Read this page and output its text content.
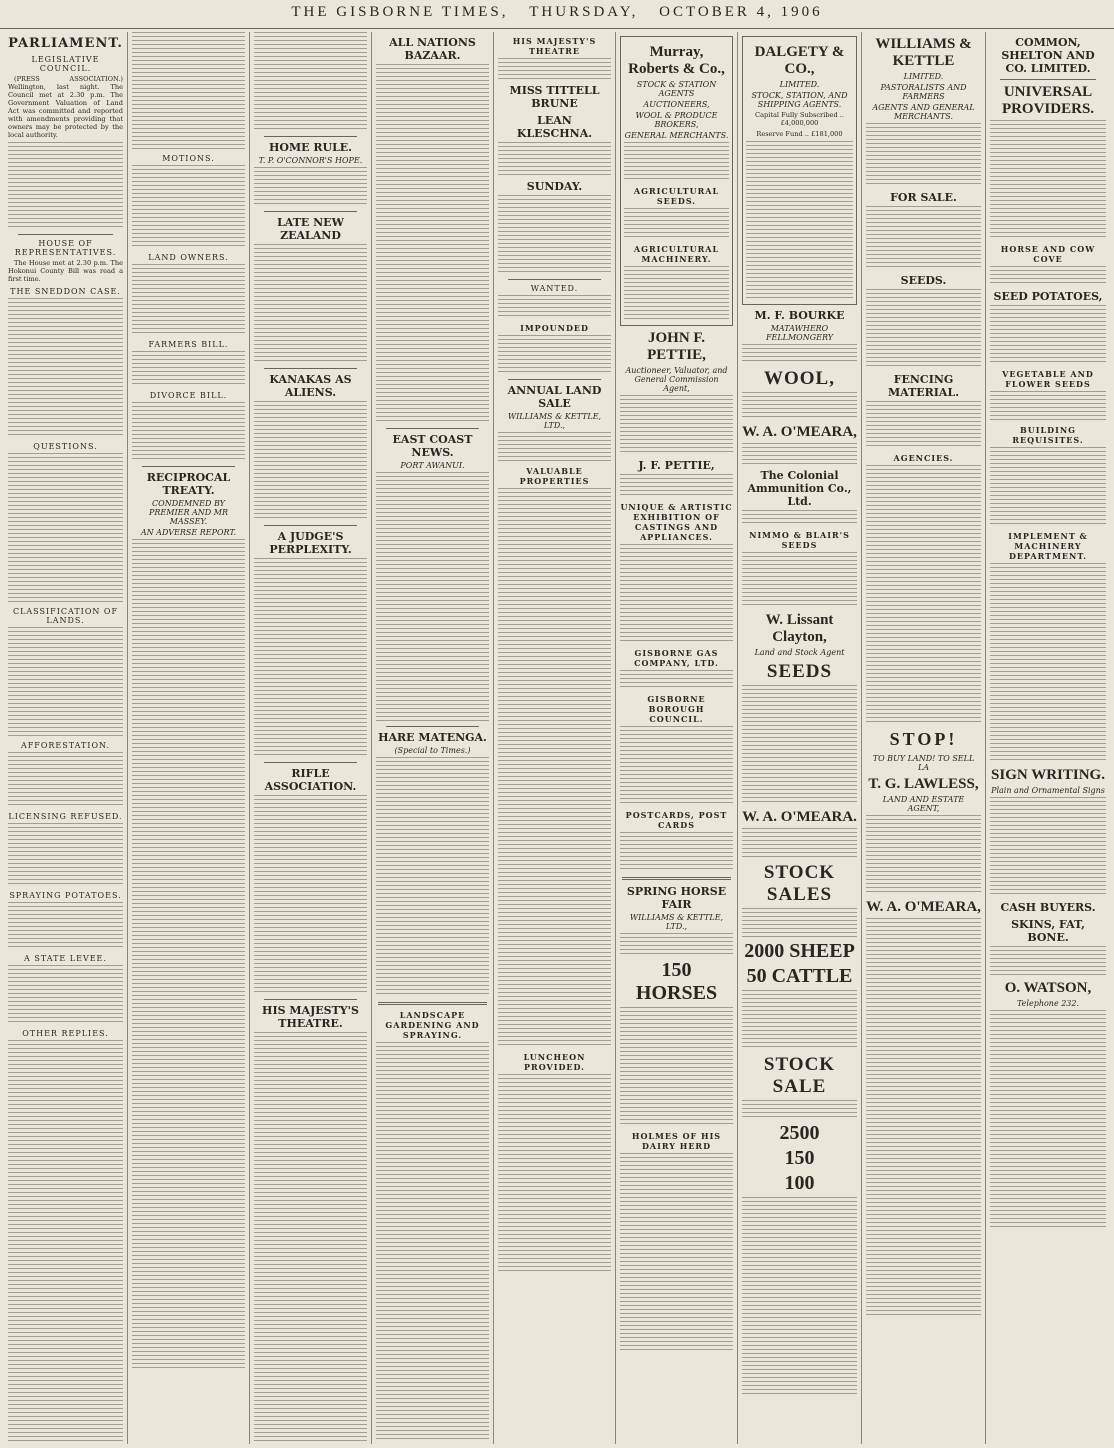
THE GISBORNE TIMES, THURSDAY, OCTOBER 4, 1906
PARLIAMENT.
LEGISLATIVE COUNCIL.

(PRESS ASSOCIATION.) Wellington, last night. The Council met at 2.30 p.m. The Government Valuation of Land Act was committed and reported with amendments providing that owners may be protected by the local authority.

HOUSE OF REPRESENTATIVES.

The House met at 2.30 p.m. The Hokonui County Bill was read a first time.

THE SNEDDON CASE.
QUESTIONS.
CLASSIFICATION OF LANDS.
AFFORESTATION.
LICENSING REFUSED.
SPRAYING POTATOES.
A STATE LEVEE.
OTHER REPLIES.
MOTIONS.
LAND OWNERS.
FARMERS BILL.
DIVORCE BILL.
RECIPROCAL TREATY.

CONDEMNED BY PREMIER AND MR MASSEY.

AN ADVERSE REPORT.

HOME RULE.

T. P. O'CONNOR'S HOPE.

LATE NEW ZEALAND
KANAKAS AS ALIENS.
A JUDGE'S PERPLEXITY.
RIFLE ASSOCIATION.
HIS MAJESTY'S THEATRE.
ALL NATIONS BAZAAR.
EAST COAST NEWS.

PORT AWANUI.

HARE MATENGA.

(Special to Times.)

LANDSCAPE GARDENING AND SPRAYING.
HIS MAJESTY'S THEATRE
MISS TITTELL BRUNE
LEAN KLESCHNA.
SUNDAY.
WANTED.
IMPOUNDED
ANNUAL LAND SALE

WILLIAMS & KETTLE, LTD.,

VALUABLE PROPERTIES
LUNCHEON PROVIDED.
Murray, Roberts & Co.,

STOCK & STATION AGENTS

AUCTIONEERS,

WOOL & PRODUCE BROKERS,

GENERAL MERCHANTS.

AGRICULTURAL SEEDS.
AGRICULTURAL MACHINERY.
JOHN F. PETTIE,

Auctioneer, Valuator, and General Commission Agent,

J. F. PETTIE,
UNIQUE & ARTISTIC EXHIBITION OF CASTINGS AND APPLIANCES.
GISBORNE GAS COMPANY, LTD.
GISBORNE BOROUGH COUNCIL.
POSTCARDS, POST CARDS
SPRING HORSE FAIR

WILLIAMS & KETTLE, LTD.,

150 HORSES
HOLMES OF HIS DAIRY HERD
DALGETY & CO.,

LIMITED.

STOCK, STATION, AND SHIPPING AGENTS.

Capital Fully Subscribed .. £4,000,000

Reserve Fund .. £181,000

M. F. BOURKE

MATAWHERO FELLMONGERY

WOOL,
W. A. O'MEARA,
The Colonial Ammunition Co., Ltd.
NIMMO & BLAIR'S SEEDS
W. Lissant Clayton,

Land and Stock Agent

SEEDS
W. A. O'MEARA.
STOCK SALES
2000 SHEEP
50 CATTLE
STOCK SALE
2500
150
100
WILLIAMS & KETTLE

LIMITED.

PASTORALISTS AND FARMERS

AGENTS AND GENERAL MERCHANTS.

FOR SALE.
SEEDS.
FENCING MATERIAL.
AGENCIES.
STOP!

TO BUY LAND! TO SELL LA

T. G. LAWLESS,

LAND AND ESTATE AGENT,

W. A. O'MEARA,
COMMON, SHELTON AND CO. LIMITED.
UNIVERSAL PROVIDERS.
HORSE AND COW COVE
SEED POTATOES,
VEGETABLE AND FLOWER SEEDS
BUILDING REQUISITES.
IMPLEMENT & MACHINERY DEPARTMENT.
SIGN WRITING.

Plain and Ornamental Signs

CASH BUYERS.
SKINS, FAT, BONE.
O. WATSON,

Telephone 232.
